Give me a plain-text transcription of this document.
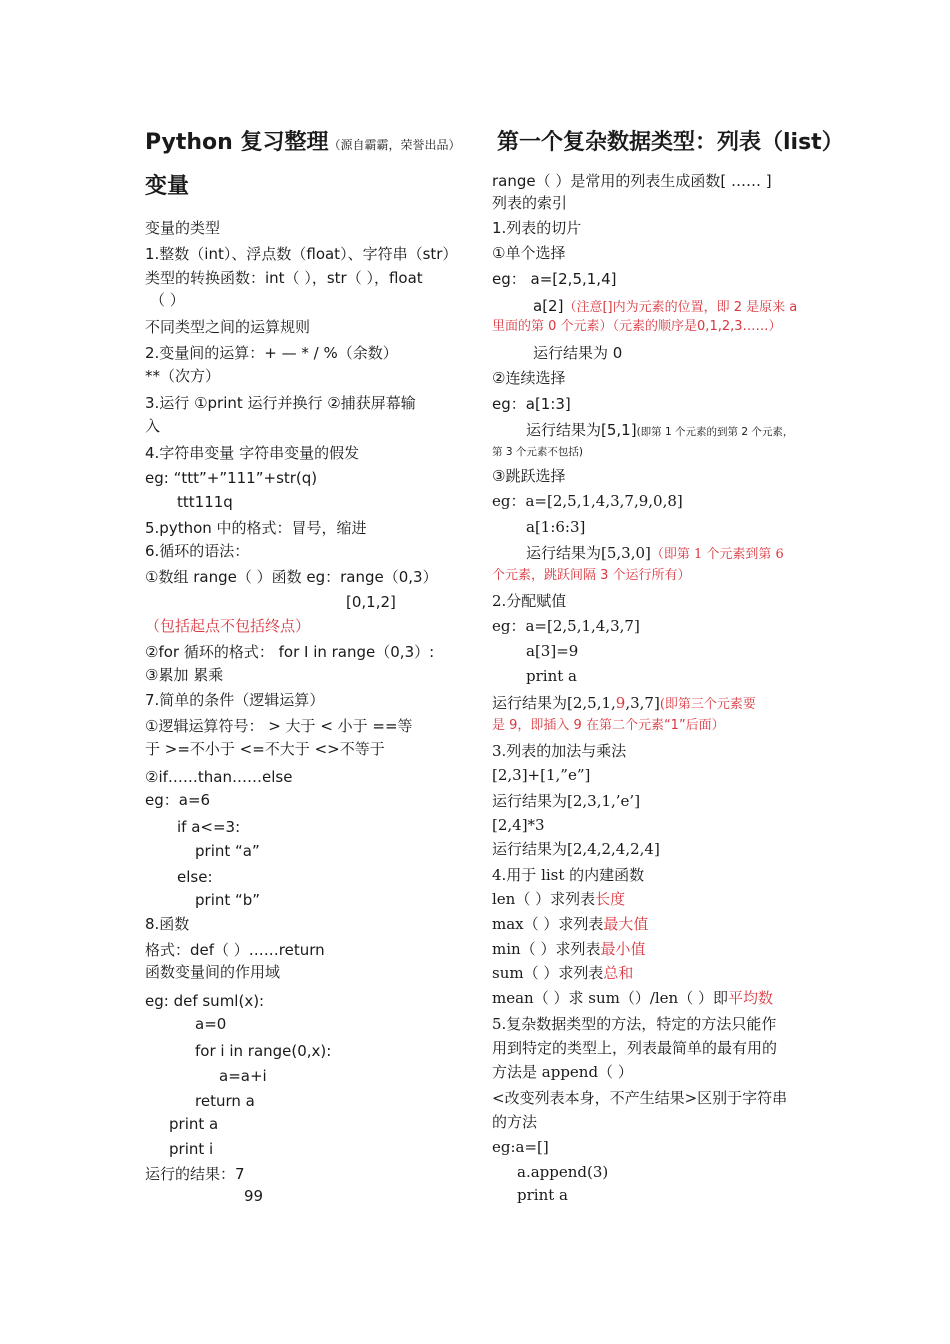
Python 复习整理（源自霸霸，荣誉出品）
变量
变量的类型
1.整数（int）、浮点数（float）、字符串（str）
类型的转换函数：int（ ），str（ ），float
（ ）
不同类型之间的运算规则
2.变量间的运算：+ — * / %（余数）
**（次方）
3.运行 ①print 运行并换行 ②捕获屏幕输
入
4.字符串变量 字符串变量的假发
eg: “ttt”+”111”+str(q)
ttt111q
5.python 中的格式：冒号，缩进
6.循环的语法：
①数组 range（ ）函数 eg：range（0,3）
[0,1,2]
（包括起点不包括终点）
②for 循环的格式： for I in range（0,3）:
③累加 累乘
7.简单的条件（逻辑运算）
①逻辑运算符号： > 大于 < 小于 ==等
于 >=不小于 <=不大于 <>不等于
②if……than……else
eg：a=6
if a<=3:
print “a”
else:
print “b”
8.函数
格式：def（ ）……return
函数变量间的作用域
eg: def suml(x):
a=0
for i in range(0,x):
a=a+i
return a
print a
print i
运行的结果：7
99
第一个复杂数据类型：列表（list）
range（ ）是常用的列表生成函数[ …… ]
列表的索引
1.列表的切片
①单个选择
eg： a=[2,5,1,4]
a[2]（注意[]内为元素的位置，即 2 是原来 a
里面的第 0 个元素）（元素的顺序是0,1,2,3……）
运行结果为 0
②连续选择
eg：a[1:3]
运行结果为[5,1](即第 1 个元素的到第 2 个元素，
第 3 个元素不包括)
③跳跃选择
eg：a=[2,5,1,4,3,7,9,0,8]
a[1:6:3]
运行结果为[5,3,0]（即第 1 个元素到第 6
个元素，跳跃间隔 3 个运行所有）
2.分配赋值
eg：a=[2,5,1,4,3,7]
a[3]=9
print a
运行结果为[2,5,1,9,3,7](即第三个元素要
是 9，即插入 9 在第二个元素“1”后面）
3.列表的加法与乘法
[2,3]+[1,”e”]
运行结果为[2,3,1,’e’]
[2,4]*3
运行结果为[2,4,2,4,2,4]
4.用于 list 的内建函数
len（ ）求列表长度
max（ ）求列表最大值
min（ ）求列表最小值
sum（ ）求列表总和
mean（ ）求 sum（）/len（ ）即平均数
5.复杂数据类型的方法，特定的方法只能作
用到特定的类型上，列表最简单的最有用的
方法是 append（ ）
<改变列表本身，不产生结果>区别于字符串
的方法
eg:a=[]
a.append(3)
print a
